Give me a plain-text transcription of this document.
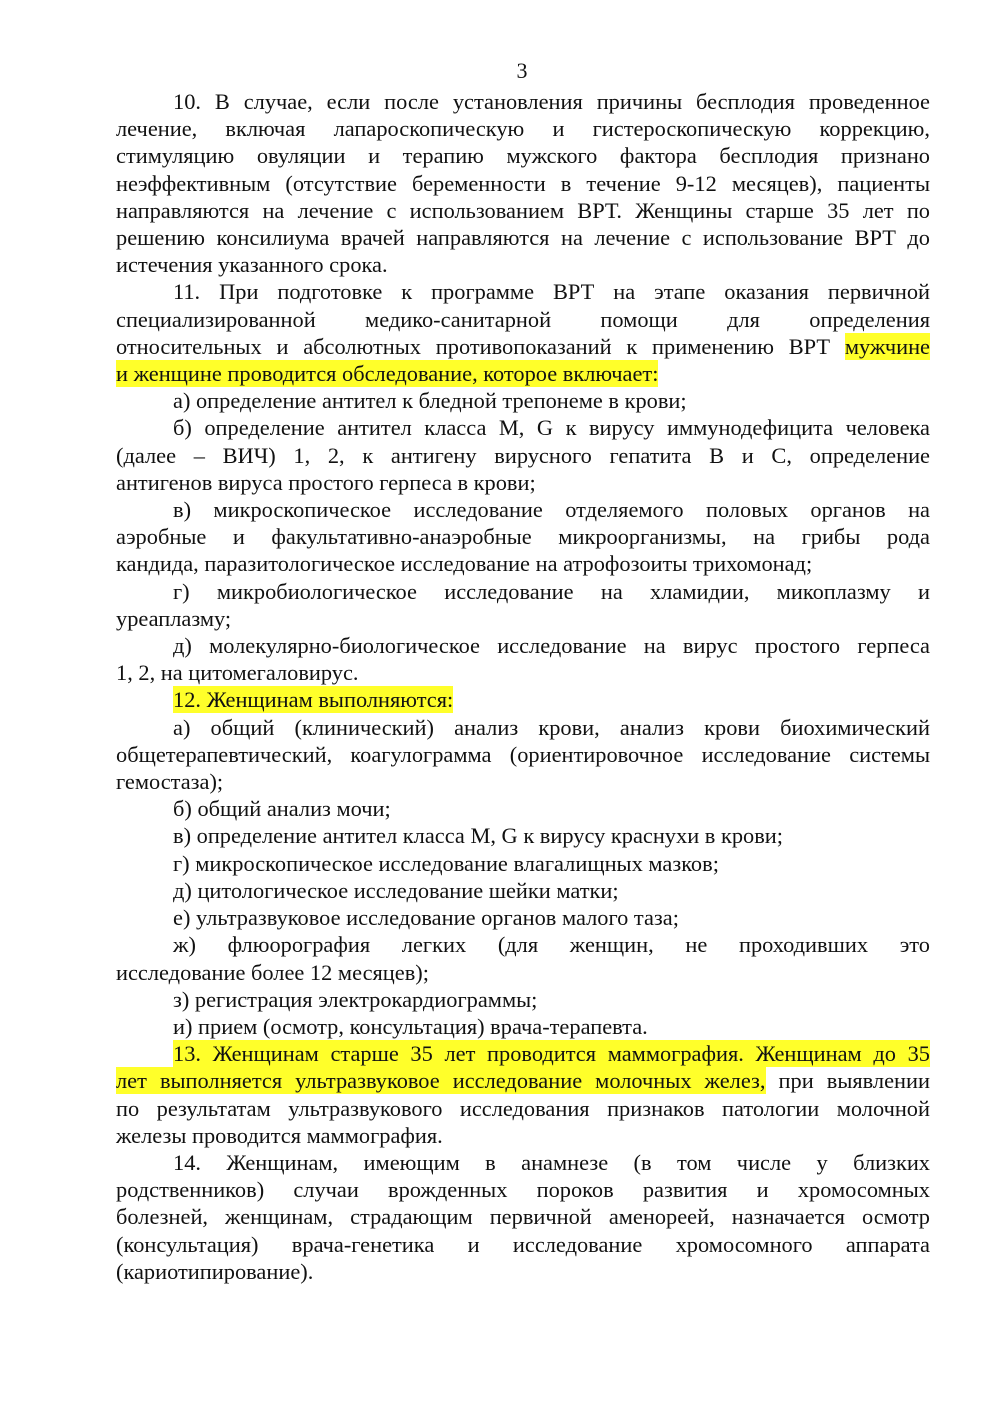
3

10. В случае, если после установления причины бесплодия проведенное

лечение, включая лапароскопическую и гистероскопическую коррекцию,

стимуляцию овуляции и терапию мужского фактора бесплодия признано

неэффективным (отсутствие беременности в течение 9-12 месяцев), пациенты

направляются на лечение с использованием ВРТ. Женщины старше 35 лет по

решению консилиума врачей направляются на лечение с использование ВРТ до

истечения указанного срока.

11. При подготовке к программе ВРТ на этапе оказания первичной

специализированной медико-санитарной помощи для определения

относительных и абсолютных противопоказаний к применению ВРТ мужчине

и женщине проводится обследование, которое включает:

а) определение антител к бледной трепонеме в крови;

б) определение антител класса M, G к вирусу иммунодефицита человека

(далее – ВИЧ) 1, 2, к антигену вирусного гепатита В и С, определение

антигенов вируса простого герпеса в крови;

в) микроскопическое исследование отделяемого половых органов на

аэробные и факультативно-анаэробные микроорганизмы, на грибы рода

кандида, паразитологическое исследование на атрофозоиты трихомонад;

г) микробиологическое исследование на хламидии, микоплазму и

уреаплазму;

д) молекулярно-биологическое исследование на вирус простого герпеса

1, 2, на цитомегаловирус.

12. Женщинам выполняются:

а) общий (клинический) анализ крови, анализ крови биохимический

общетерапевтический, коагулограмма (ориентировочное исследование системы

гемостаза);

б) общий анализ мочи;

в) определение антител класса M, G к вирусу краснухи в крови;

г) микроскопическое исследование влагалищных мазков;

д) цитологическое исследование шейки матки;

е) ультразвуковое исследование органов малого таза;

ж) флюорография легких (для женщин, не проходивших это

исследование более 12 месяцев);

з) регистрация электрокардиограммы;

и) прием (осмотр, консультация) врача-терапевта.

13. Женщинам старше 35 лет проводится маммография. Женщинам до 35

лет выполняется ультразвуковое исследование молочных желез, при выявлении

по результатам ультразвукового исследования признаков патологии молочной

железы проводится маммография.

14. Женщинам, имеющим в анамнезе (в том числе у близких

родственников) случаи врожденных пороков развития и хромосомных

болезней, женщинам, страдающим первичной аменореей, назначается осмотр

(консультация) врача-генетика и исследование хромосомного аппарата

(кариотипирование).
